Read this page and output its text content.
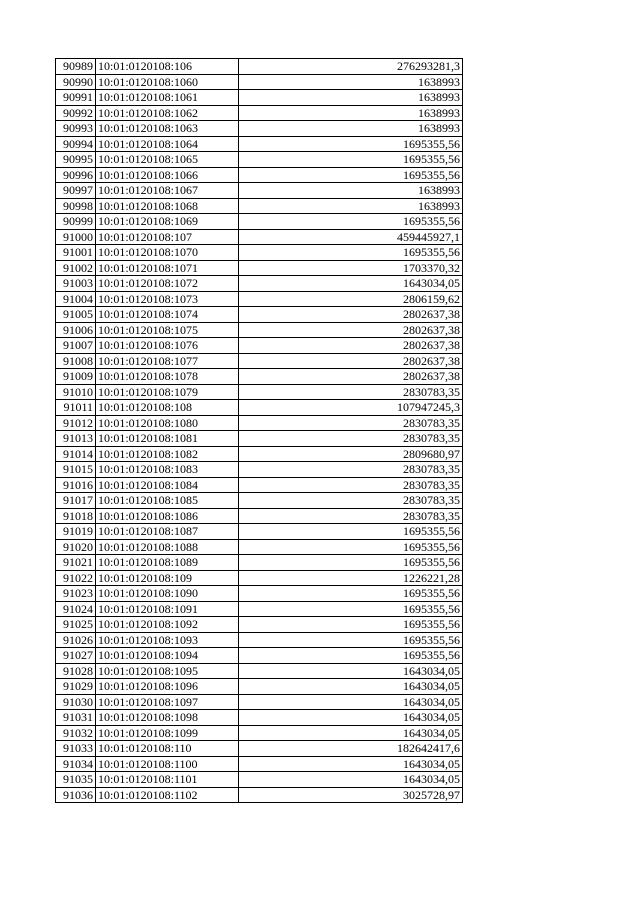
90989	10:01:0120108:106	276293281,3
90990	10:01:0120108:1060	1638993
90991	10:01:0120108:1061	1638993
90992	10:01:0120108:1062	1638993
90993	10:01:0120108:1063	1638993
90994	10:01:0120108:1064	1695355,56
90995	10:01:0120108:1065	1695355,56
90996	10:01:0120108:1066	1695355,56
90997	10:01:0120108:1067	1638993
90998	10:01:0120108:1068	1638993
90999	10:01:0120108:1069	1695355,56
91000	10:01:0120108:107	459445927,1
91001	10:01:0120108:1070	1695355,56
91002	10:01:0120108:1071	1703370,32
91003	10:01:0120108:1072	1643034,05
91004	10:01:0120108:1073	2806159,62
91005	10:01:0120108:1074	2802637,38
91006	10:01:0120108:1075	2802637,38
91007	10:01:0120108:1076	2802637,38
91008	10:01:0120108:1077	2802637,38
91009	10:01:0120108:1078	2802637,38
91010	10:01:0120108:1079	2830783,35
91011	10:01:0120108:108	107947245,3
91012	10:01:0120108:1080	2830783,35
91013	10:01:0120108:1081	2830783,35
91014	10:01:0120108:1082	2809680,97
91015	10:01:0120108:1083	2830783,35
91016	10:01:0120108:1084	2830783,35
91017	10:01:0120108:1085	2830783,35
91018	10:01:0120108:1086	2830783,35
91019	10:01:0120108:1087	1695355,56
91020	10:01:0120108:1088	1695355,56
91021	10:01:0120108:1089	1695355,56
91022	10:01:0120108:109	1226221,28
91023	10:01:0120108:1090	1695355,56
91024	10:01:0120108:1091	1695355,56
91025	10:01:0120108:1092	1695355,56
91026	10:01:0120108:1093	1695355,56
91027	10:01:0120108:1094	1695355,56
91028	10:01:0120108:1095	1643034,05
91029	10:01:0120108:1096	1643034,05
91030	10:01:0120108:1097	1643034,05
91031	10:01:0120108:1098	1643034,05
91032	10:01:0120108:1099	1643034,05
91033	10:01:0120108:110	182642417,6
91034	10:01:0120108:1100	1643034,05
91035	10:01:0120108:1101	1643034,05
91036	10:01:0120108:1102	3025728,97
